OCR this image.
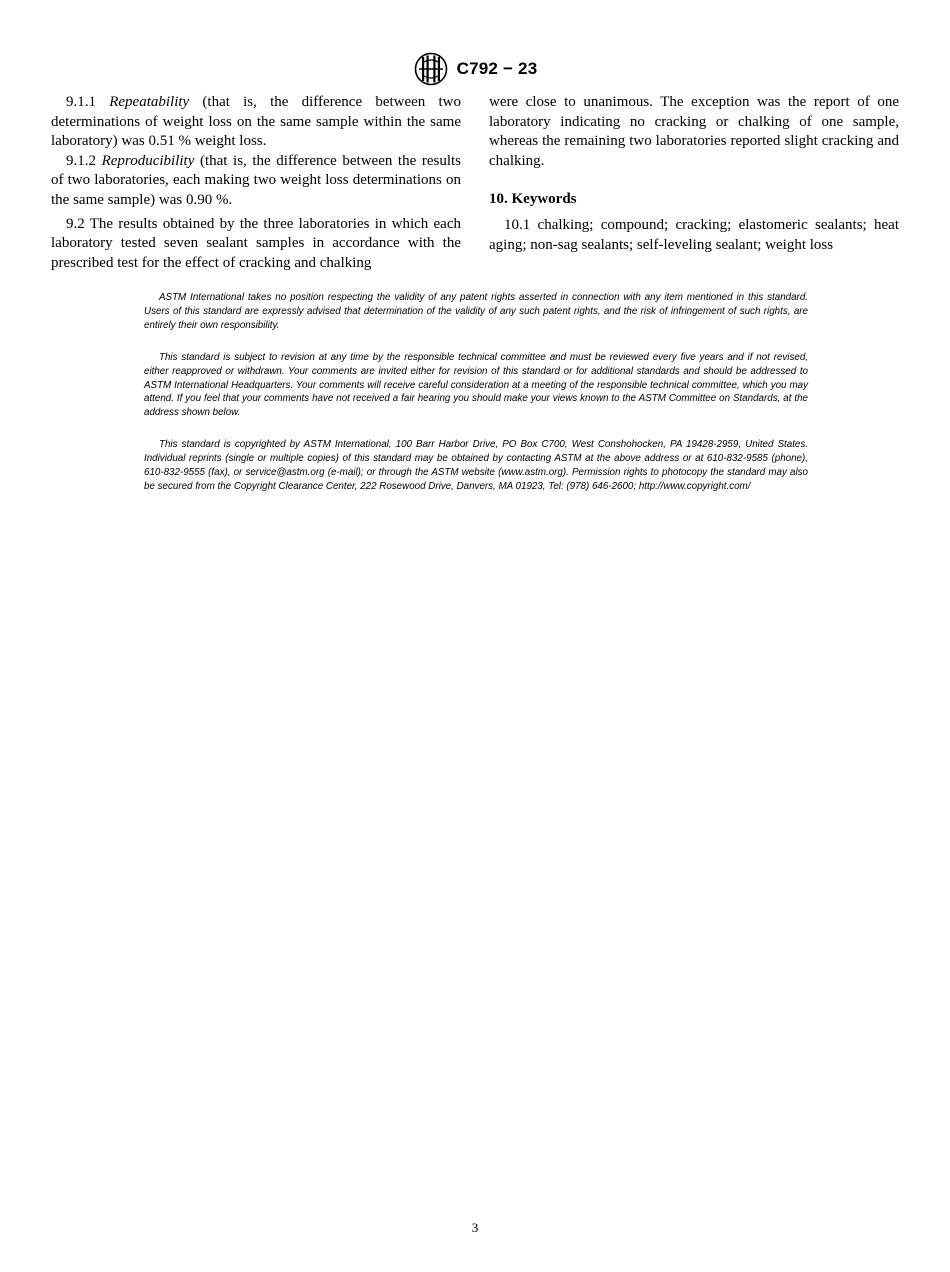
C792 − 23

9.1.1 Repeatability (that is, the difference between two determinations of weight loss on the same sample within the same laboratory) was 0.51 % weight loss.

9.1.2 Reproducibility (that is, the difference between the results of two laboratories, each making two weight loss determinations on the same sample) was 0.90 %.

9.2 The results obtained by the three laboratories in which each laboratory tested seven sealant samples in accordance with the prescribed test for the effect of cracking and chalking

were close to unanimous. The exception was the report of one laboratory indicating no cracking or chalking of one sample, whereas the remaining two laboratories reported slight cracking and chalking.

10. Keywords

10.1 chalking; compound; cracking; elastomeric sealants; heat aging; non-sag sealants; self-leveling sealant; weight loss

ASTM International takes no position respecting the validity of any patent rights asserted in connection with any item mentioned in this standard. Users of this standard are expressly advised that determination of the validity of any such patent rights, and the risk of infringement of such rights, are entirely their own responsibility.

This standard is subject to revision at any time by the responsible technical committee and must be reviewed every five years and if not revised, either reapproved or withdrawn. Your comments are invited either for revision of this standard or for additional standards and should be addressed to ASTM International Headquarters. Your comments will receive careful consideration at a meeting of the responsible technical committee, which you may attend. If you feel that your comments have not received a fair hearing you should make your views known to the ASTM Committee on Standards, at the address shown below.

This standard is copyrighted by ASTM International, 100 Barr Harbor Drive, PO Box C700, West Conshohocken, PA 19428-2959, United States. Individual reprints (single or multiple copies) of this standard may be obtained by contacting ASTM at the above address or at 610-832-9585 (phone), 610-832-9555 (fax), or service@astm.org (e-mail); or through the ASTM website (www.astm.org). Permission rights to photocopy the standard may also be secured from the Copyright Clearance Center, 222 Rosewood Drive, Danvers, MA 01923, Tel: (978) 646-2600; http://www.copyright.com/

3
